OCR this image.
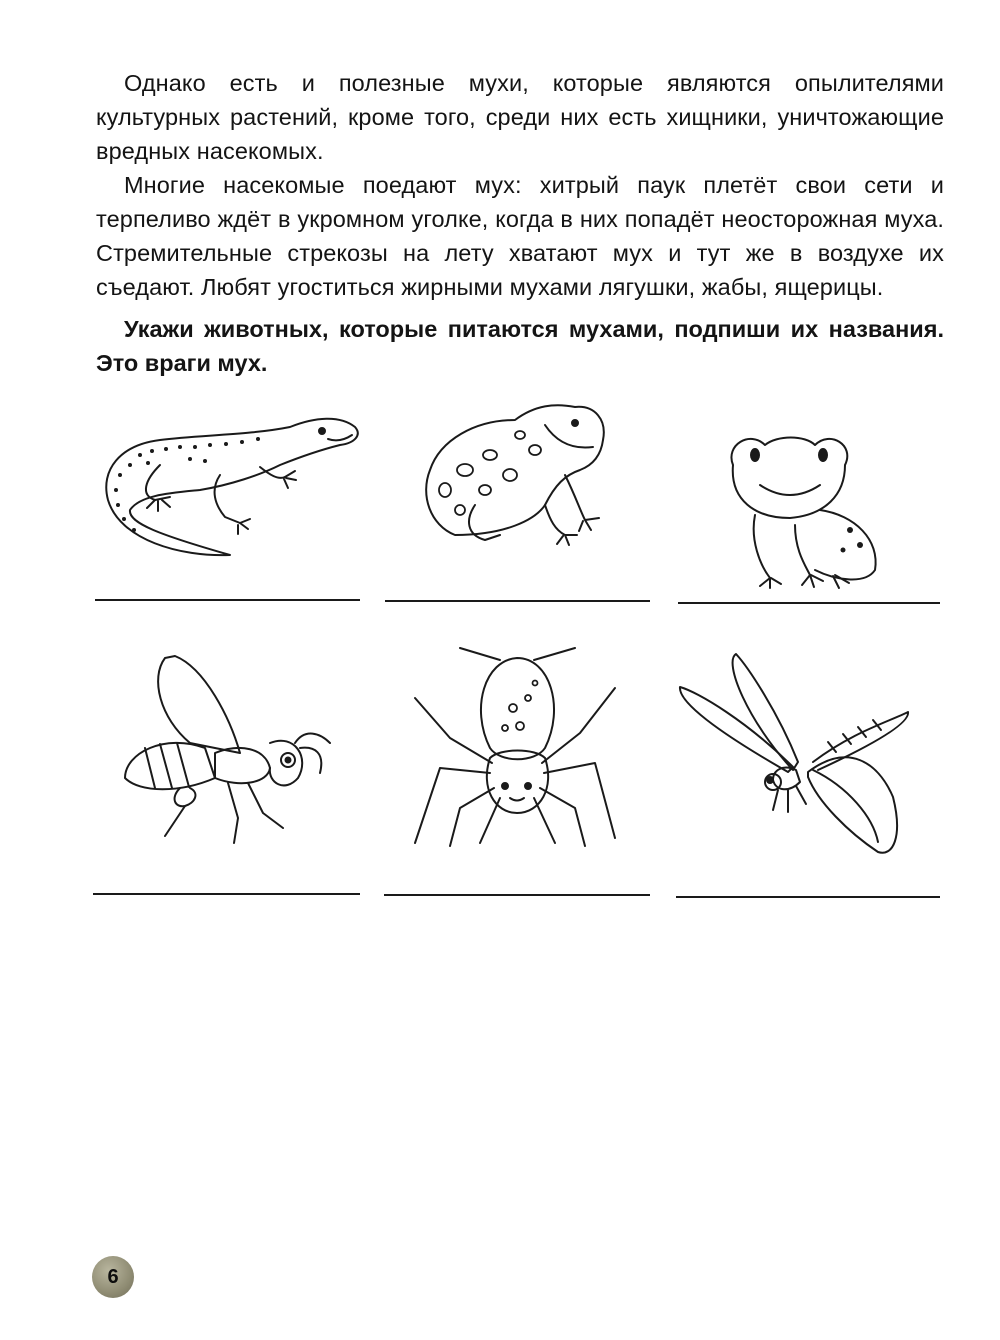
Однако есть и полезные мухи, которые являются опылителями культурных растений, кроме того, среди них есть хищники, уничтожающие вредных насекомых.

Многие насекомые поедают мух: хитрый паук плетёт свои сети и терпеливо ждёт в укромном уголке, когда в них попадёт неосторожная муха. Стремительные стрекозы на лету хватают мух и тут же в воздухе их съедают. Любят угоститься жирными мухами лягушки, жабы, ящерицы.

Укажи животных, которые питаются мухами, подпиши их названия. Это враги мух.

6
